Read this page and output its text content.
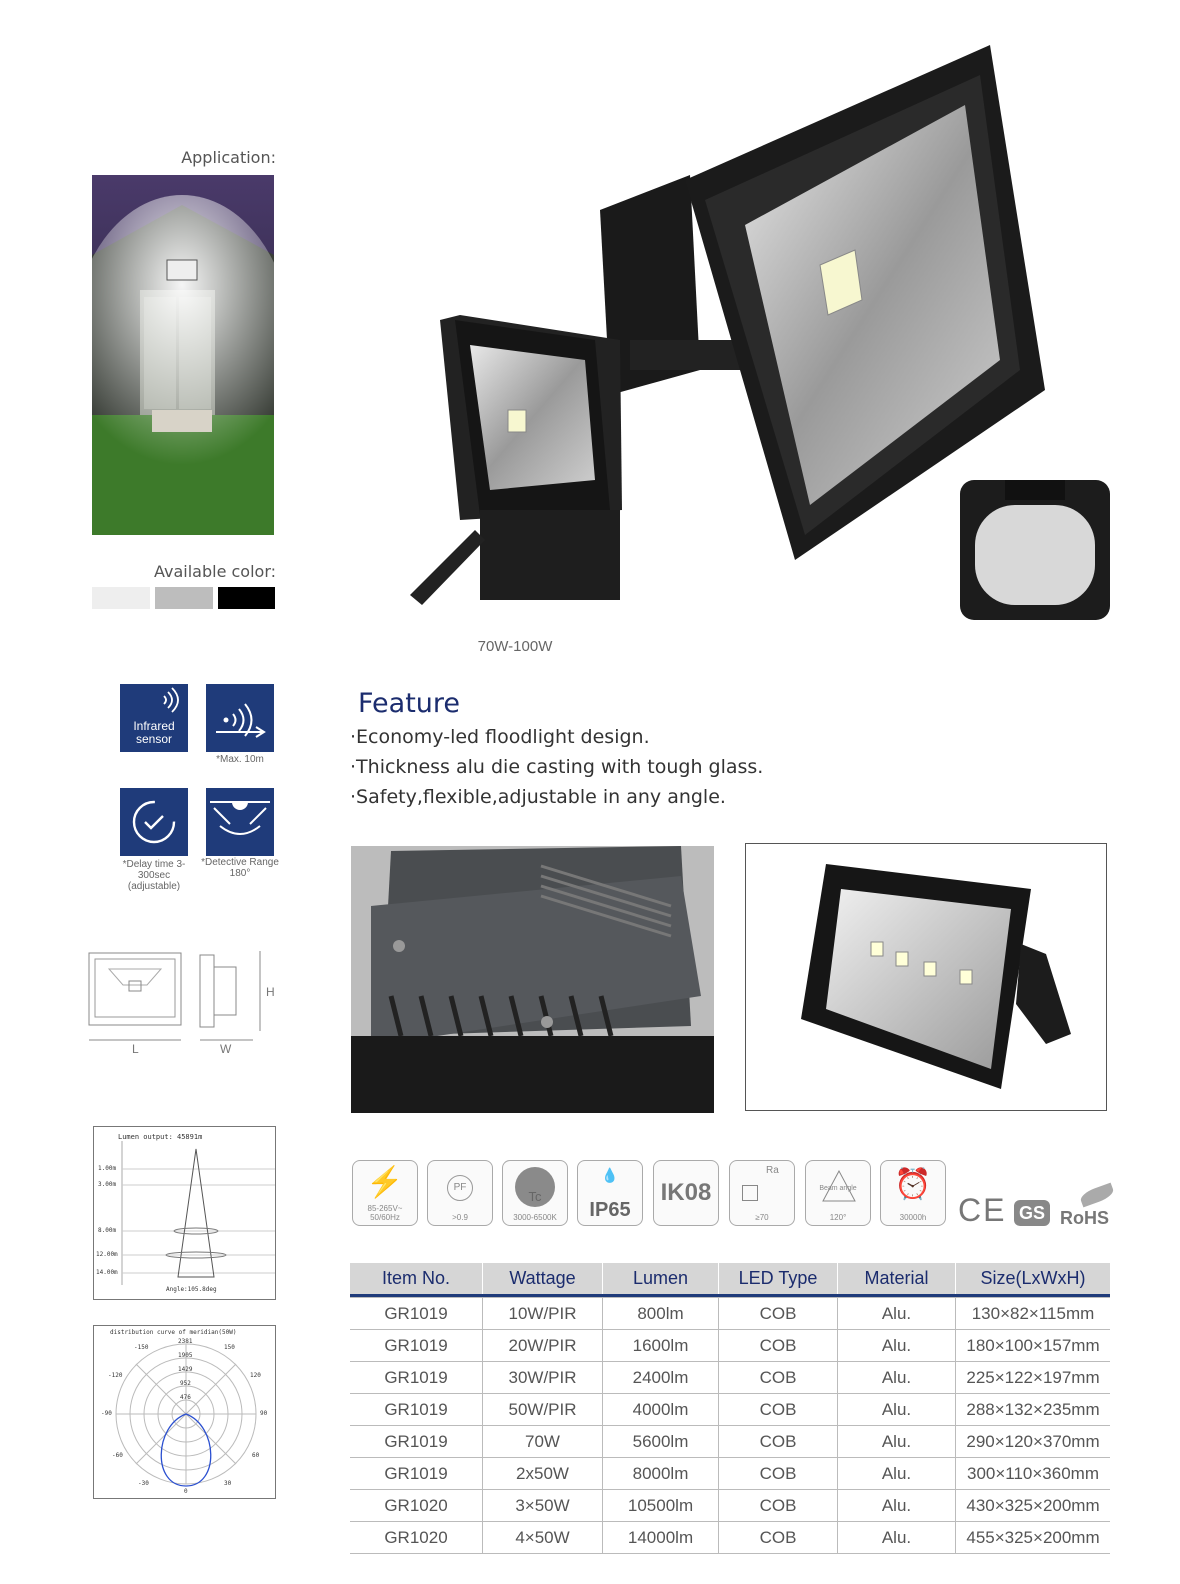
Application:
Available color:
70W-100W
Infrared sensor
*Max. 10m
*Delay time 3-300sec (adjustable)
*Detective Range 180°
L	W
H
Lumen output: 45891m
1.00m
3.00m
8.00m
12.00m
14.00m
Angle:105.8deg
distribution curve of meridian(50W)
2381
1905
1429
952
476
-150	150
-120	120
-90	90
-60	60
-30	30
0
Feature
·Economy-led floodlight design.
·Thickness alu die casting with tough glass.
·Safety,flexible,adjustable in any angle.
⚡
85-265V~ 50/60Hz
PF
>0.9
Tc
3000-6500K
💧
IP65
IK08
Ra
≥70
Beam angle
120°
⏰
30000h CE GS RoHS
Item No.	Wattage	Lumen	LED Type	Material	Size(LxWxH)

GR1019	10W/PIR	800lm	COB	Alu.	130×82×115mm
GR1019	20W/PIR	1600lm	COB	Alu.	180×100×157mm
GR1019	30W/PIR	2400lm	COB	Alu.	225×122×197mm
GR1019	50W/PIR	4000lm	COB	Alu.	288×132×235mm
GR1019	70W	5600lm	COB	Alu.	290×120×370mm
GR1019	2x50W	8000lm	COB	Alu.	300×110×360mm
GR1020	3×50W	10500lm	COB	Alu.	430×325×200mm
GR1020	4×50W	14000lm	COB	Alu.	455×325×200mm
